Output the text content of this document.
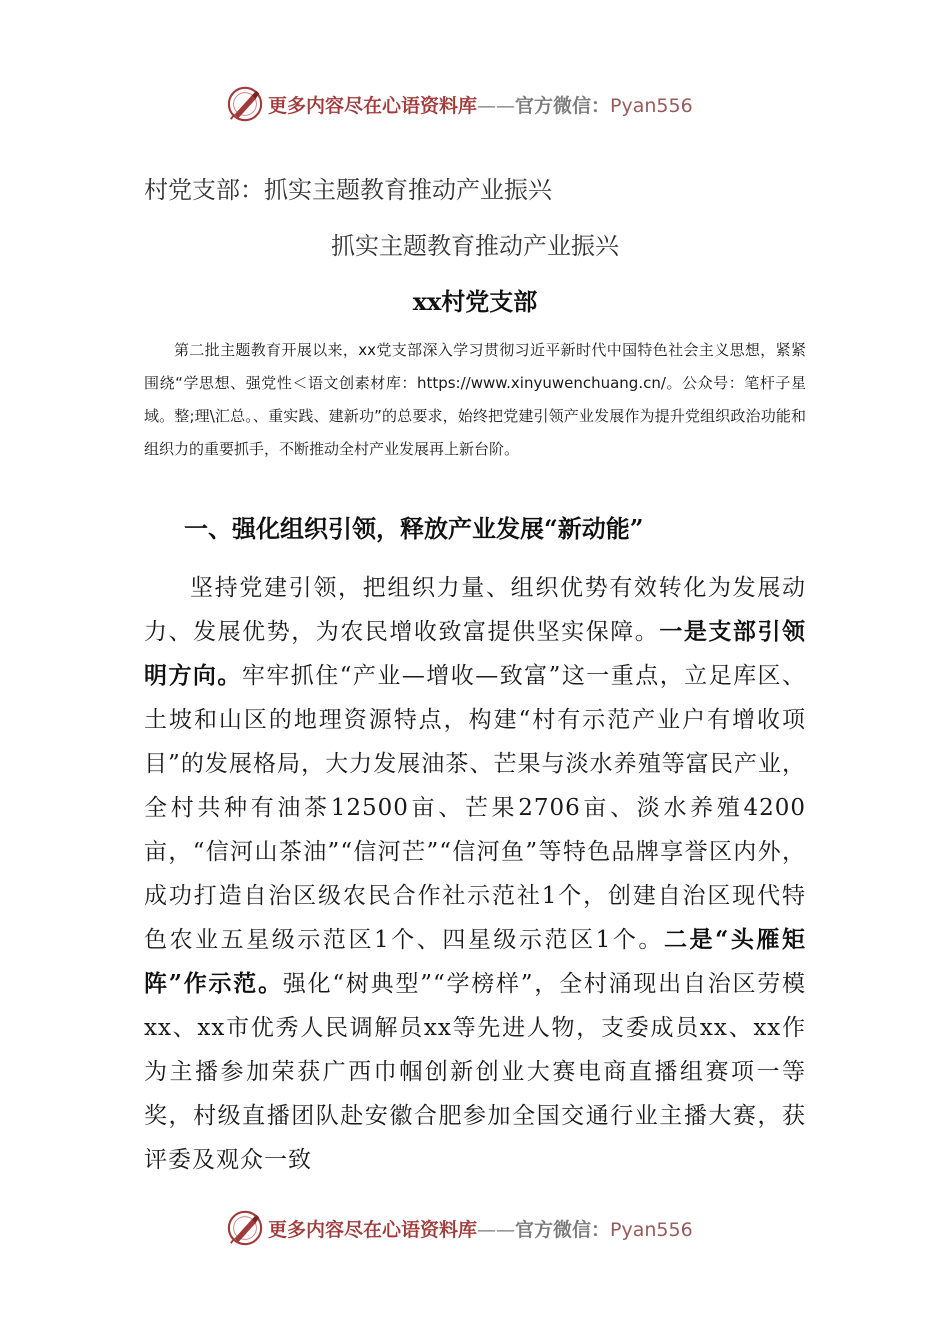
更多内容尽在心语资料库——官方微信：Pyan556
村党支部：抓实主题教育推动产业振兴
抓实主题教育推动产业振兴
xx村党支部
第二批主题教育开展以来，xx党支部深入学习贯彻习近平新时代中国特色社会主义思想，紧紧围绕“学思想、强党性＜语文创素材库：https://www.xinyuwenchuang.cn/。公众号：笔杆子星域。整;理\汇总。、重实践、建新功”的总要求，始终把党建引领产业发展作为提升党组织政治功能和组织力的重要抓手，不断推动全村产业发展再上新台阶。
一、强化组织引领，释放产业发展“新动能”
坚持党建引领，把组织力量、组织优势有效转化为发展动力、发展优势，为农民增收致富提供坚实保障。一是支部引领明方向。牢牢抓住“产业—增收—致富”这一重点，立足库区、土坡和山区的地理资源特点，构建“村有示范产业户有增收项目”的发展格局，大力发展油茶、芒果与淡水养殖等富民产业，全村共种有油茶12500亩、芒果2706亩、淡水养殖4200亩，“信河山茶油”“信河芒”“信河鱼”等特色品牌享誉区内外，成功打造自治区级农民合作社示范社1个，创建自治区现代特色农业五星级示范区1个、四星级示范区1个。二是“头雁矩阵”作示范。强化“树典型”“学榜样”，全村涌现出自治区劳模xx、xx市优秀人民调解员xx等先进人物，支委成员xx、xx作为主播参加荣获广西巾帼创新创业大赛电商直播组赛项一等奖，村级直播团队赴安徽合肥参加全国交通行业主播大赛，获评委及观众一致
更多内容尽在心语资料库——官方微信：Pyan556
